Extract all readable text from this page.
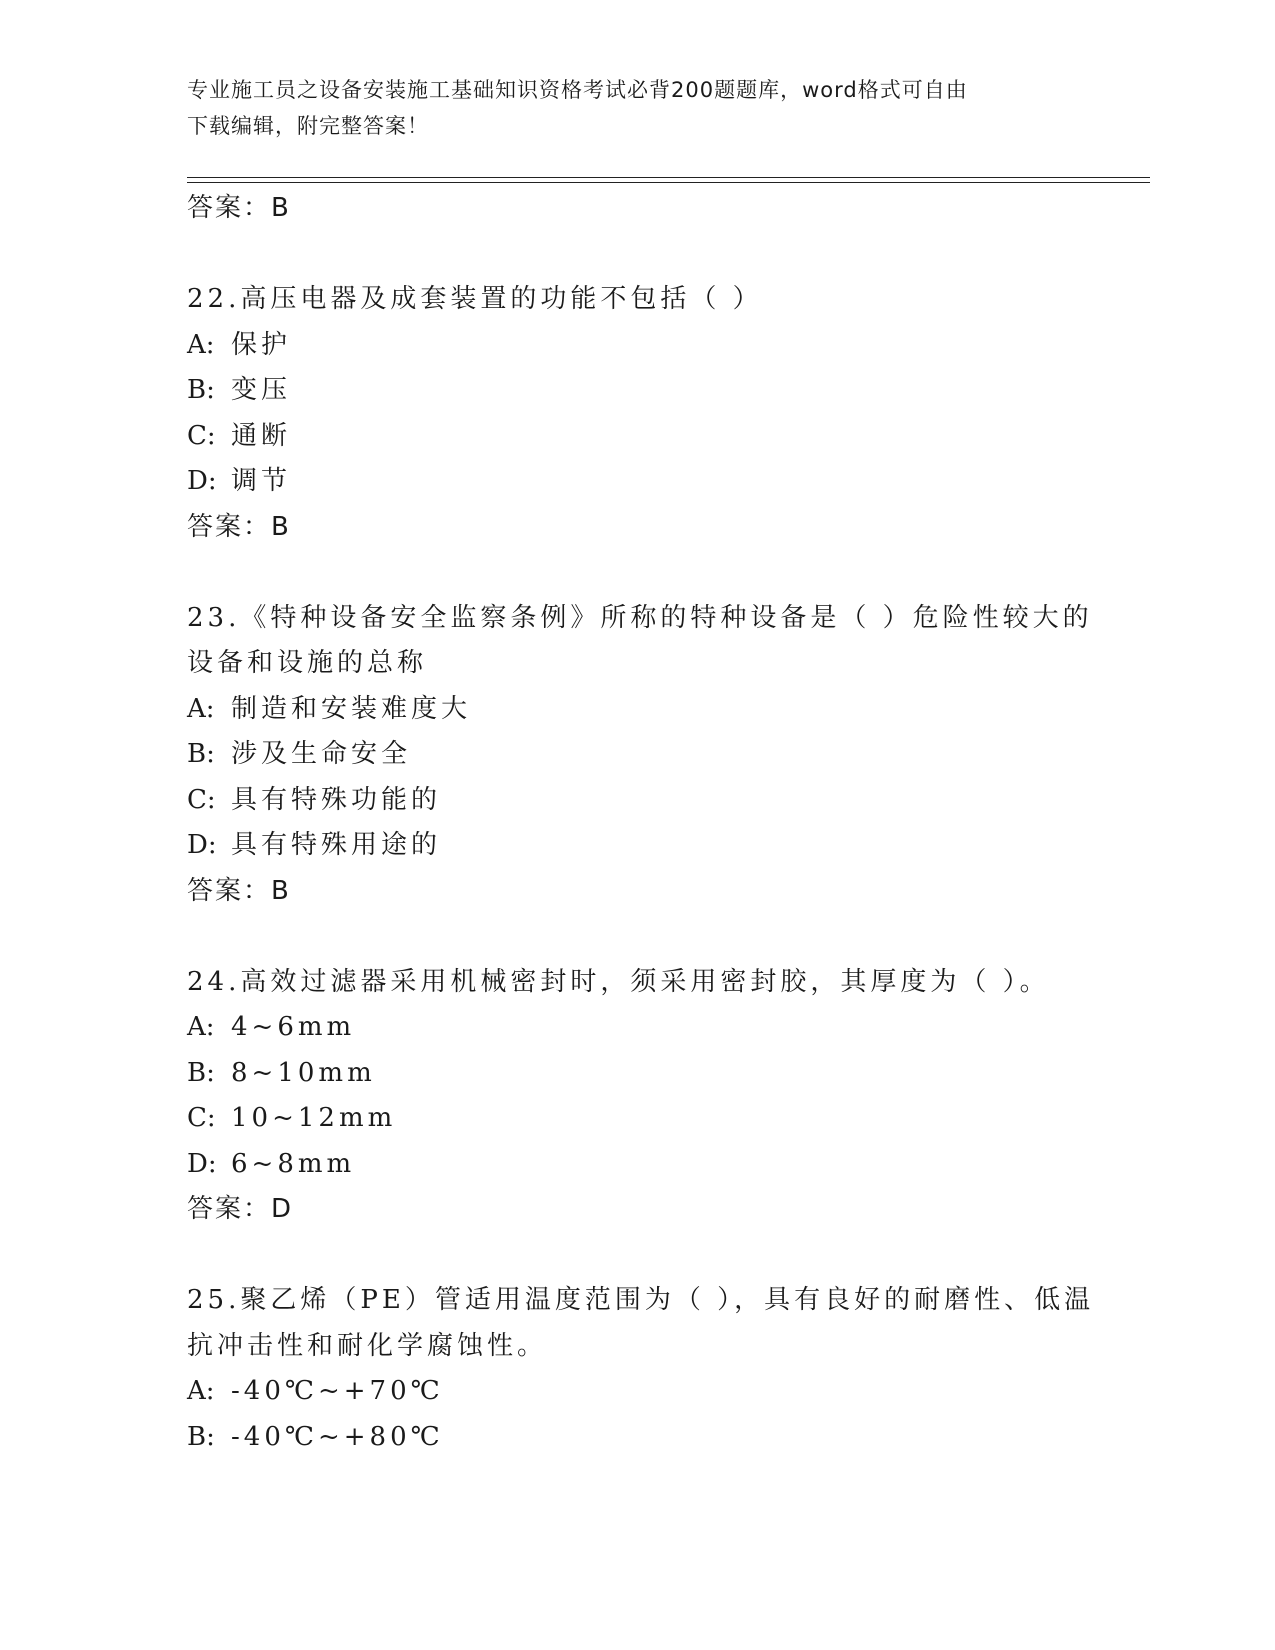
专业施工员之设备安装施工基础知识资格考试必背200题题库，word格式可自由
下载编辑，附完整答案！
答案：B
22.高压电器及成套装置的功能不包括（ ）
A: 保护
B: 变压
C: 通断
D: 调节
答案：B
23.《特种设备安全监察条例》所称的特种设备是（ ）危险性较大的
设备和设施的总称
A: 制造和安装难度大
B: 涉及生命安全
C: 具有特殊功能的
D: 具有特殊用途的
答案：B
24.高效过滤器采用机械密封时，须采用密封胶，其厚度为（ ）。
A: 4~6mm
B: 8~10mm
C: 10~12mm
D: 6~8mm
答案：D
25.聚乙烯（PE）管适用温度范围为（ ），具有良好的耐磨性、低温
抗冲击性和耐化学腐蚀性。
A: -40℃~+70℃
B: -40℃~+80℃
